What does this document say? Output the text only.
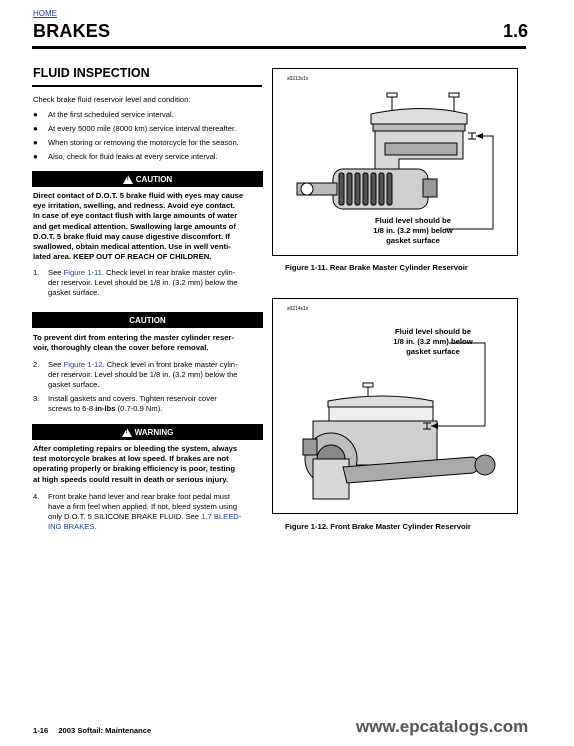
HOME
BRAKES	1.6
FLUID INSPECTION
Check brake fluid reservoir level and condition:
●	At the first scheduled service interval.
●	At every 5000 mile (8000 km) service interval thereafter.
●	When storing or removing the motorcycle for the season.
●	Also, check for fluid leaks at every service interval.
! CAUTION
Direct contact of D.O.T. 5 brake fluid with eyes may cause
eye irritation, swelling, and redness. Avoid eye contact.
In case of eye contact flush with large amounts of water
and get medical attention. Swallowing large amounts of
D.O.T. 5 brake fluid may cause digestive discomfort. If
swallowed, obtain medical attention. Use in well venti-
lated area. KEEP OUT OF REACH OF CHILDREN.
1.	See Figure 1-11. Check level in rear brake master cylin-
der reservoir. Level should be 1/8 in. (3.2 mm) below the
gasket surface.
CAUTION
To prevent dirt from entering the master cylinder reser-
voir, thoroughly clean the cover before removal.
2.	See Figure 1-12. Check level in front brake master cylin-
der reservoir. Level should be 1/8 in. (3.2 mm) below the
gasket surface.
3.	Install gaskets and covers. Tighten reservoir cover
screws to 6-8 in-lbs (0.7-0.9 Nm).
! WARNING
After completing repairs or bleeding the system, always
test motorcycle brakes at low speed. If brakes are not
operating properly or braking efficiency is poor, testing
at high speeds could result in death or serious injury.
4.	Front brake hand lever and rear brake foot pedal must
have a firm feel when applied. If not, bleed system using
only D.O.T. 5 SILICONE BRAKE FLUID. See 1.7 BLEED-
ING BRAKES.
s0213x1x
Fluid level should be
1/8 in. (3.2 mm) below
gasket surface
Figure 1-11. Rear Brake Master Cylinder Reservoir
s0214x1x
Fluid level should be
1/8 in. (3.2 mm) below
gasket surface
Figure 1-12. Front Brake Master Cylinder Reservoir
1-16 2003 Softail: Maintenance	www.epcatalogs.com
